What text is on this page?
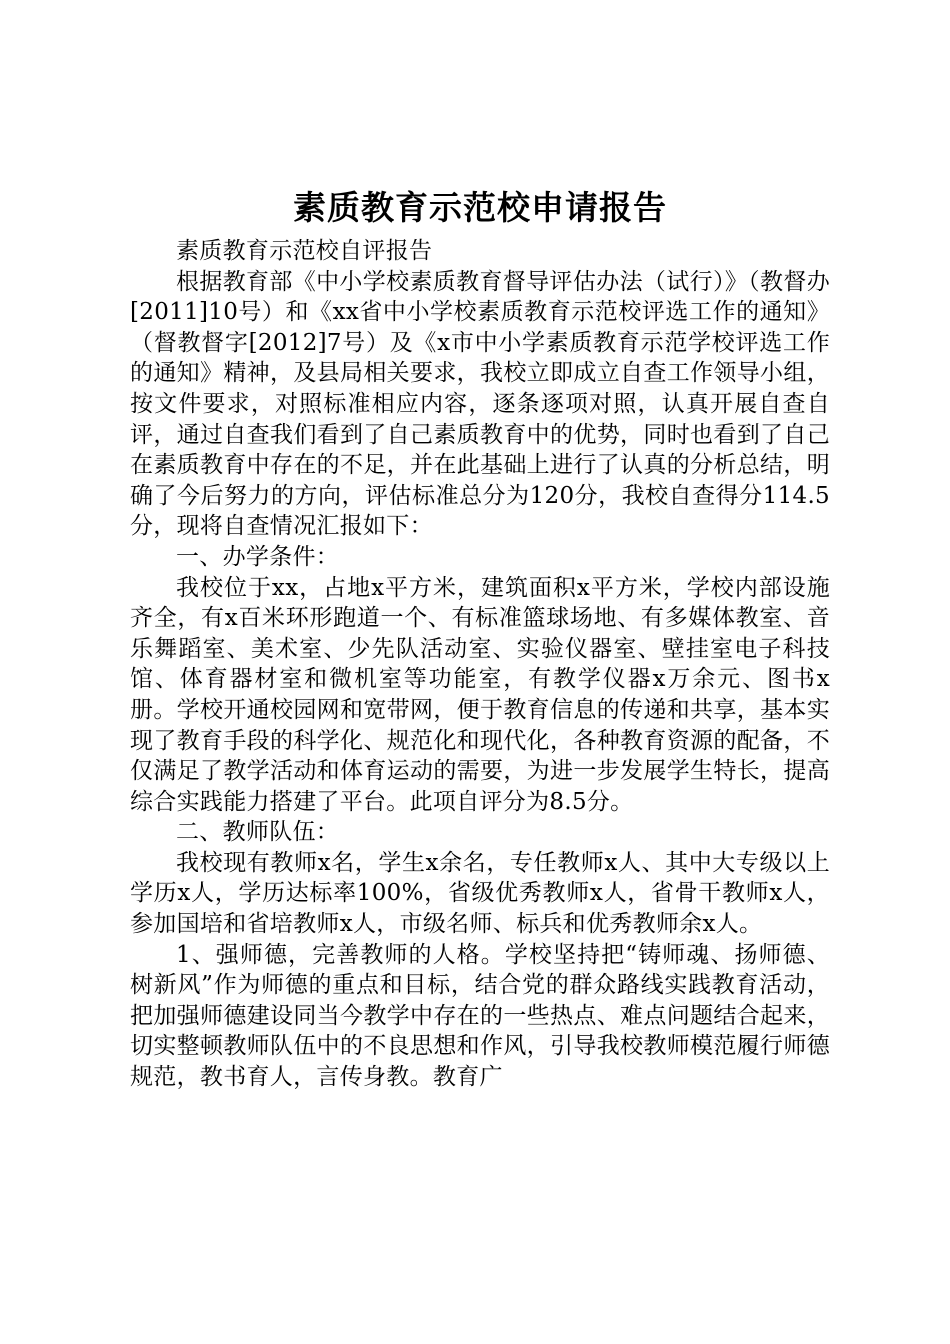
素质教育示范校申请报告

素质教育示范校自评报告

根据教育部《中小学校素质教育督导评估办法（试行）》（教督办[2011]10号）和《xx省中小学校素质教育示范校评选工作的通知》（督教督字[2012]7号）及《x市中小学素质教育示范学校评选工作的通知》精神，及县局相关要求，我校立即成立自查工作领导小组，按文件要求，对照标准相应内容，逐条逐项对照，认真开展自查自评，通过自查我们看到了自己素质教育中的优势，同时也看到了自己在素质教育中存在的不足，并在此基础上进行了认真的分析总结，明确了今后努力的方向，评估标准总分为120分，我校自查得分114.5分，现将自查情况汇报如下：

一、办学条件：

我校位于xx，占地x平方米，建筑面积x平方米，学校内部设施齐全，有x百米环形跑道一个、有标准篮球场地、有多媒体教室、音乐舞蹈室、美术室、少先队活动室、实验仪器室、壁挂室电子科技馆、体育器材室和微机室等功能室，有教学仪器x万余元、图书x册。学校开通校园网和宽带网，便于教育信息的传递和共享，基本实现了教育手段的科学化、规范化和现代化，各种教育资源的配备，不仅满足了教学活动和体育运动的需要，为进一步发展学生特长，提高综合实践能力搭建了平台。此项自评分为8.5分。

二、教师队伍：

我校现有教师x名，学生x余名，专任教师x人、其中大专级以上学历x人，学历达标率100%，省级优秀教师x人，省骨干教师x人，参加国培和省培教师x人，市级名师、标兵和优秀教师余x人。

1、强师德，完善教师的人格。学校坚持把“铸师魂、扬师德、树新风”作为师德的重点和目标，结合党的群众路线实践教育活动，把加强师德建设同当今教学中存在的一些热点、难点问题结合起来，切实整顿教师队伍中的不良思想和作风，引导我校教师模范履行师德规范，教书育人，言传身教。教育广
